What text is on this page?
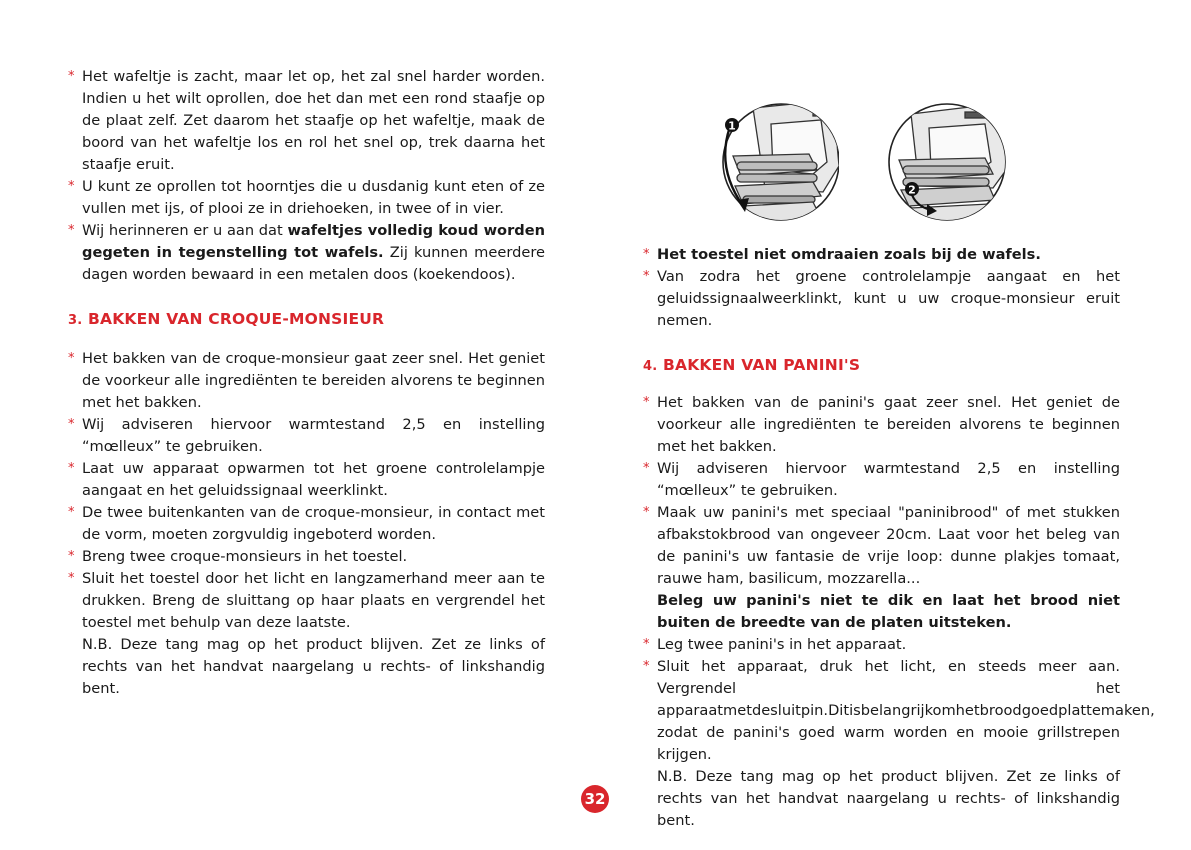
* Het wafeltje is zacht, maar let op, het zal snel harder worden. Indien u het wilt oprollen, doe het dan met een rond staafje op de plaat zelf. Zet daarom het staafje op het wafeltje, maak de boord van het wafeltje los en rol het snel op, trek daarna het staafje eruit.
* U kunt ze oprollen tot hoorntjes die u dusdanig kunt eten of ze vullen met ijs, of plooi ze in driehoeken, in twee of in vier.
* Wij herinneren er u aan dat wafeltjes volledig koud worden gegeten in tegenstelling tot wafels. Zij kunnen meerdere dagen worden bewaard in een metalen doos (koekendoos).
3. BAKKEN VAN CROQUE-MONSIEUR
* Het bakken van de croque-monsieur gaat zeer snel. Het geniet de voorkeur alle ingrediënten te bereiden alvorens te beginnen met het bakken.
* Wij adviseren hiervoor warmtestand 2,5 en instelling “mœlleux” te gebruiken.
* Laat uw apparaat opwarmen tot het groene controlelampje aangaat en het geluidssignaal weerklinkt.
* De twee buitenkanten van de croque-monsieur, in contact met de vorm, moeten zorgvuldig ingeboterd worden.
* Breng twee croque-monsieurs in het toestel.
* Sluit het toestel door het licht en langzamerhand meer aan te drukken. Breng de sluittang op haar plaats en vergrendel het toestel met behulp van deze laatste.
N.B. Deze tang mag op het product blijven. Zet ze links of rechts van het handvat naargelang u rechts- of linkshandig bent.
1
2
* Het toestel niet omdraaien zoals bij de wafels.
* Van zodra het groene controlelampje aangaat en het geluidssignaalweerklinkt, kunt u uw croque-monsieur eruit nemen.
4. BAKKEN VAN PANINI'S
* Het bakken van de panini's gaat zeer snel. Het geniet de voorkeur alle ingrediënten te bereiden alvorens te beginnen met het bakken.
* Wij adviseren hiervoor warmtestand 2,5 en instelling “mœlleux” te gebruiken.
* Maak uw panini's met speciaal "paninibrood" of met stukken afbakstokbrood van ongeveer 20cm. Laat voor het beleg van de panini's uw fantasie de vrije loop: dunne plakjes tomaat, rauwe ham, basilicum, mozzarella...
Beleg uw panini's niet te dik en laat het brood niet buiten de breedte van de platen uitsteken.
* Leg twee panini's in het apparaat.
* Sluit het apparaat, druk het licht, en steeds meer aan. Vergrendel het apparaatmetdesluitpin.Ditisbelangrijkomhetbroodgoedplattemaken, zodat de panini's goed warm worden en mooie grillstrepen krijgen.
N.B. Deze tang mag op het product blijven. Zet ze links of rechts van het handvat naargelang u rechts- of linkshandig bent.
32
